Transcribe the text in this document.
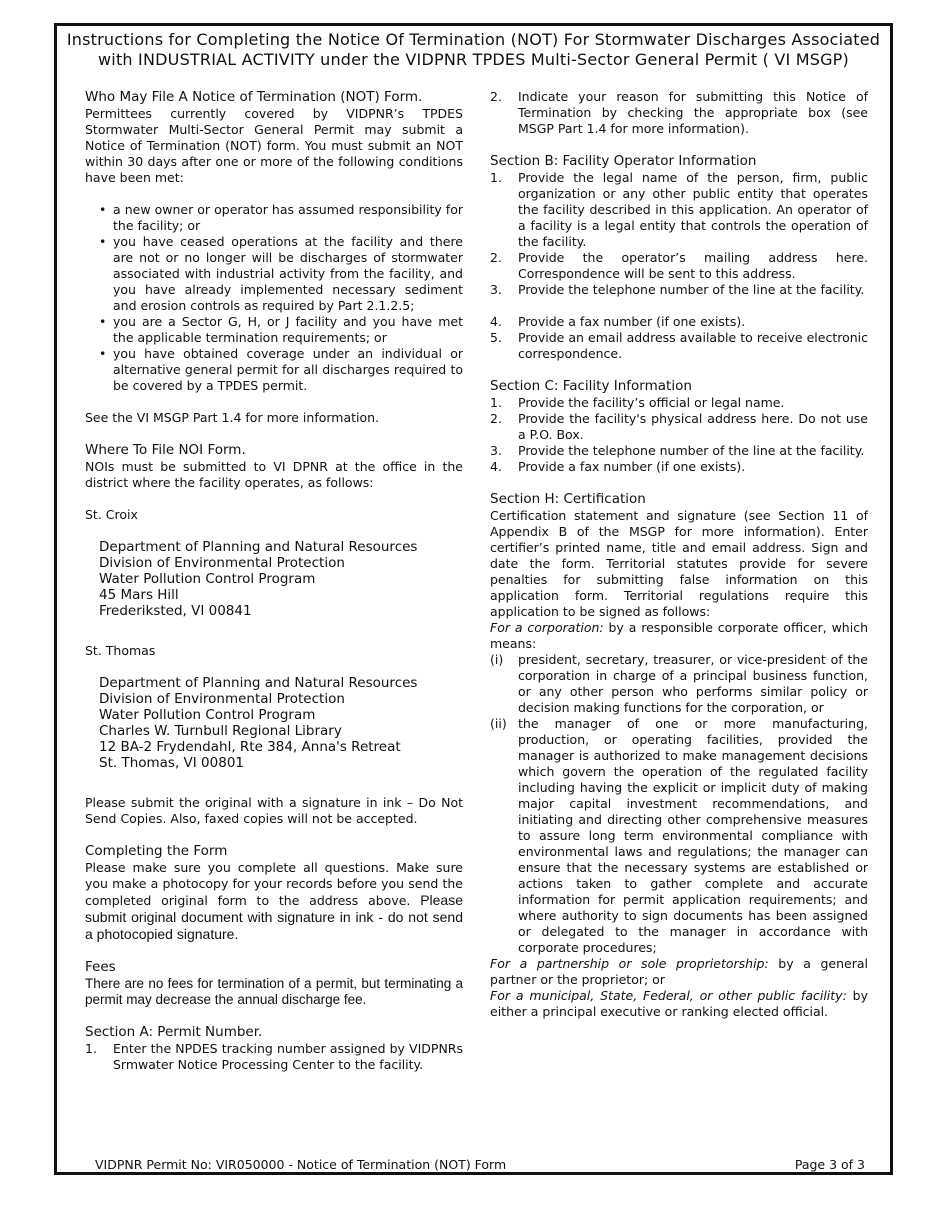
Instructions for Completing the Notice Of Termination (NOT) For Stormwater Discharges Associated
with INDUSTRIAL ACTIVITY under the VIDPNR TPDES Multi-Sector General Permit ( VI MSGP)
Who May File A Notice of Termination (NOT) Form.

Permittees currently covered by VIDPNR’s TPDES Stormwater Multi-Sector General Permit may submit a Notice of Termination (NOT) form. You must submit an NOT within 30 days after one or more of the following conditions have been met:

• a new owner or operator has assumed responsibility for the facility; or
• you have ceased operations at the facility and there are not or no longer will be discharges of stormwater associated with industrial activity from the facility, and you have already implemented necessary sediment and erosion controls as required by Part 2.1.2.5;
• you are a Sector G, H, or J facility and you have met the applicable termination requirements; or
• you have obtained coverage under an individual or alternative general permit for all discharges required to be covered by a TPDES permit.

See the VI MSGP Part 1.4 for more information.

Where To File NOI Form.

NOIs must be submitted to VI DPNR at the office in the district where the facility operates, as follows:

St. Croix
Department of Planning and Natural Resources
Division of Environmental Protection
Water Pollution Control Program
45 Mars Hill
Frederiksted, VI 00841
St. Thomas
Department of Planning and Natural Resources
Division of Environmental Protection
Water Pollution Control Program
Charles W. Turnbull Regional Library
12 BA-2 Frydendahl, Rte 384, Anna's Retreat
St. Thomas, VI 00801

Please submit the original with a signature in ink – Do Not Send Copies. Also, faxed copies will not be accepted.

Completing the Form

Please make sure you complete all questions. Make sure you make a photocopy for your records before you send the completed original form to the address above. Please submit original document with signature in ink - do not send a photocopied signature.

Fees

There are no fees for termination of a permit, but terminating a permit may decrease the annual discharge fee.

Section A: Permit Number.
1. Enter the NPDES tracking number assigned by VIDPNRs Srmwater Notice Processing Center to the facility.
2. Indicate your reason for submitting this Notice of Termination by checking the appropriate box (see MSGP Part 1.4 for more information).
Section B: Facility Operator Information
1. Provide the legal name of the person, firm, public organization or any other public entity that operates the facility described in this application. An operator of a facility is a legal entity that controls the operation of the facility.
2. Provide the operator’s mailing address here. Correspondence will be sent to this address.
3. Provide the telephone number of the line at the facility.
4. Provide a fax number (if one exists).
5. Provide an email address available to receive electronic correspondence.
Section C: Facility Information
1. Provide the facility’s official or legal name.
2. Provide the facility's physical address here. Do not use a P.O. Box.
3. Provide the telephone number of the line at the facility.
4. Provide a fax number (if one exists).
Section H: Certification

Certification statement and signature (see Section 11 of Appendix B of the MSGP for more information). Enter certifier’s printed name, title and email address. Sign and date the form. Territorial statutes provide for severe penalties for submitting false information on this application form. Territorial regulations require this application to be signed as follows:

For a corporation: by a responsible corporate officer, which means:

(i) president, secretary, treasurer, or vice-president of the corporation in charge of a principal business function, or any other person who performs similar policy or decision making functions for the corporation, or
(ii) the manager of one or more manufacturing, production, or operating facilities, provided the manager is authorized to make management decisions which govern the operation of the regulated facility including having the explicit or implicit duty of making major capital investment recommendations, and initiating and directing other comprehensive measures to assure long term environmental compliance with environmental laws and regulations; the manager can ensure that the necessary systems are established or actions taken to gather complete and accurate information for permit application requirements; and where authority to sign documents has been assigned or delegated to the manager in accordance with corporate procedures;

For a partnership or sole proprietorship: by a general partner or the proprietor; or

For a municipal, State, Federal, or other public facility: by either a principal executive or ranking elected official.

VIDPNR Permit No: VIR050000 - Notice of Termination (NOT) Form	Page 3 of 3
